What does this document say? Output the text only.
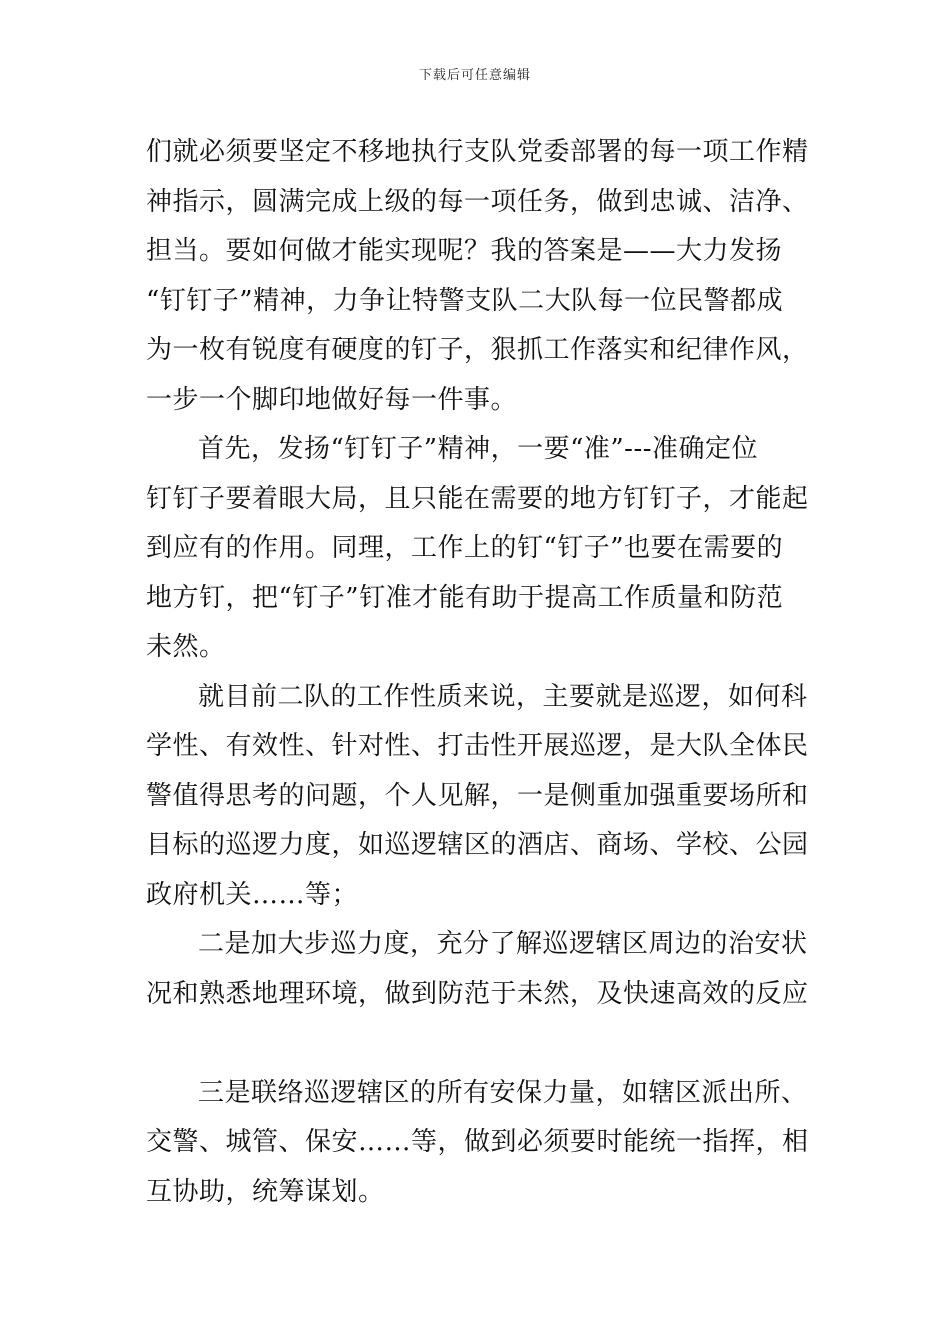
下载后可任意编辑
们就必须要坚定不移地执行支队党委部署的每一项工作精
神指示，圆满完成上级的每一项任务，做到忠诚、洁净、
担当。要如何做才能实现呢？我的答案是——大力发扬
“钉钉子”精神，力争让特警支队二大队每一位民警都成
为一枚有锐度有硬度的钉子，狠抓工作落实和纪律作风，
一步一个脚印地做好每一件事。
首先，发扬“钉钉子”精神，一要“准”---准确定位
钉钉子要着眼大局，且只能在需要的地方钉钉子，才能起
到应有的作用。同理，工作上的钉“钉子”也要在需要的
地方钉，把“钉子”钉准才能有助于提高工作质量和防范
未然。
就目前二队的工作性质来说，主要就是巡逻，如何科
学性、有效性、针对性、打击性开展巡逻，是大队全体民
警值得思考的问题，个人见解，一是侧重加强重要场所和
目标的巡逻力度，如巡逻辖区的酒店、商场、学校、公园
政府机关……等；
二是加大步巡力度，充分了解巡逻辖区周边的治安状
况和熟悉地理环境，做到防范于未然，及快速高效的反应
三是联络巡逻辖区的所有安保力量，如辖区派出所、
交警、城管、保安……等，做到必须要时能统一指挥，相
互协助，统筹谋划。
